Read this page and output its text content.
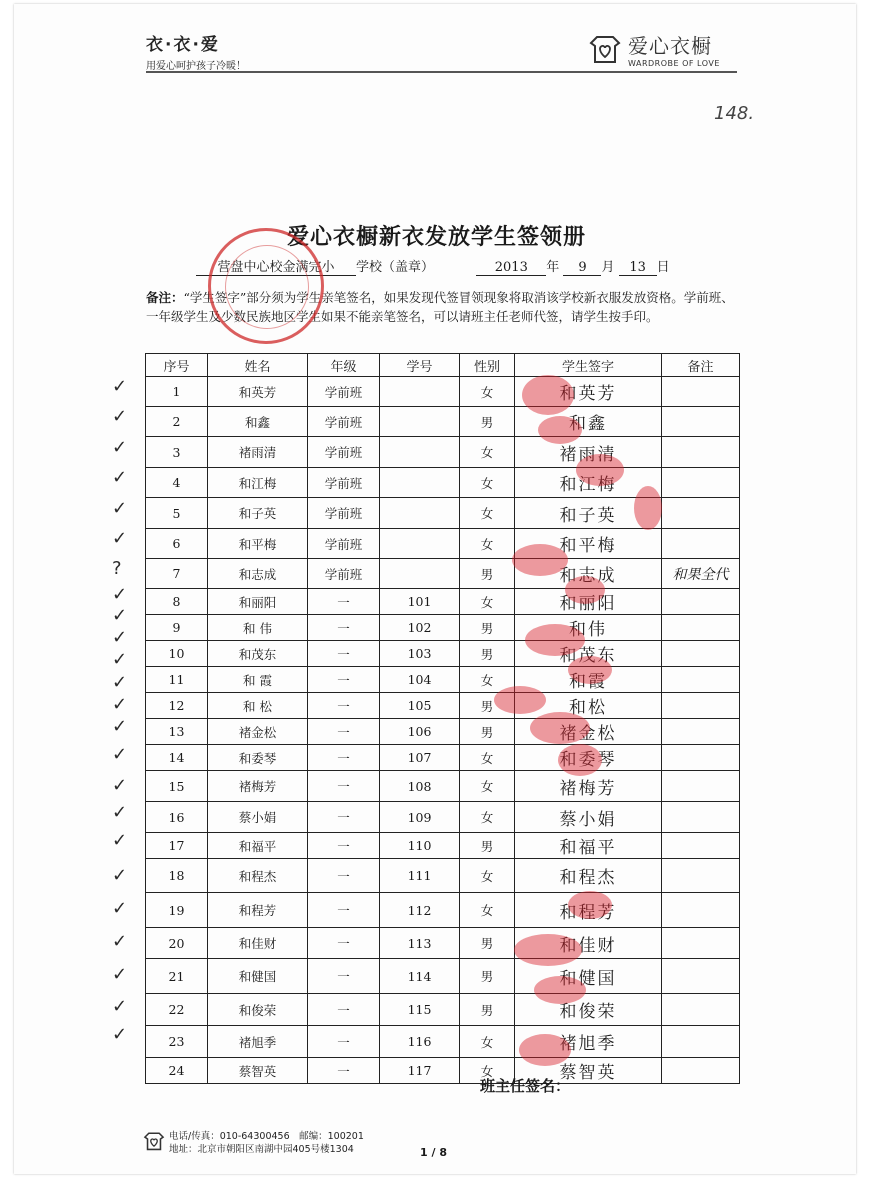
衣·衣·爱
用爱心呵护孩子冷暖！
爱心衣橱
WARDROBE OF LOVE
148.
爱心衣橱新衣发放学生签领册
营盘中心校金满完小 学校（盖章）	2013 年 9 月 13 日
备注：“学生签字”部分须为学生亲笔签名，如果发现代签冒领现象将取消该学校新衣服发放资格。学前班、一年级学生及少数民族地区学生如果不能亲笔签名，可以请班主任老师代签，请学生按手印。
序号	姓名	年级	学号	性别	学生签字	备注
1	和英芳	学前班		女	和英芳	
2	和鑫	学前班		男	和鑫	
3	褚雨清	学前班		女	褚雨清	
4	和江梅	学前班		女	和江梅	
5	和子英	学前班		女	和子英	
6	和平梅	学前班		女	和平梅	
7	和志成	学前班		男	和志成	和果全代
8	和丽阳	一	101	女	和丽阳	
9	和 伟	一	102	男	和伟	
10	和茂东	一	103	男	和茂东	
11	和 霞	一	104	女	和霞	
12	和 松	一	105	男	和松	
13	褚金松	一	106	男	褚金松	
14	和委琴	一	107	女	和委琴	
15	褚梅芳	一	108	女	褚梅芳	
16	蔡小娟	一	109	女	蔡小娟	
17	和福平	一	110	男	和福平	
18	和程杰	一	111	女	和程杰	
19	和程芳	一	112	女	和程芳	
20	和佳财	一	113	男	和佳财	
21	和健国	一	114	男	和健国	
22	和俊荣	一	115	男	和俊荣	
23	褚旭季	一	116	女	褚旭季	
24	蔡智英	一	117	女	蔡智英	
✓
✓
✓
✓
✓
✓
?
✓
✓
✓
✓
✓
✓
✓
✓
✓
✓
✓
✓
✓
✓
✓
✓
✓
班主任签名：
电话/传真：010-64300456　邮编：100201
地址：北京市朝阳区南湖中园405号楼1304	1 / 8
